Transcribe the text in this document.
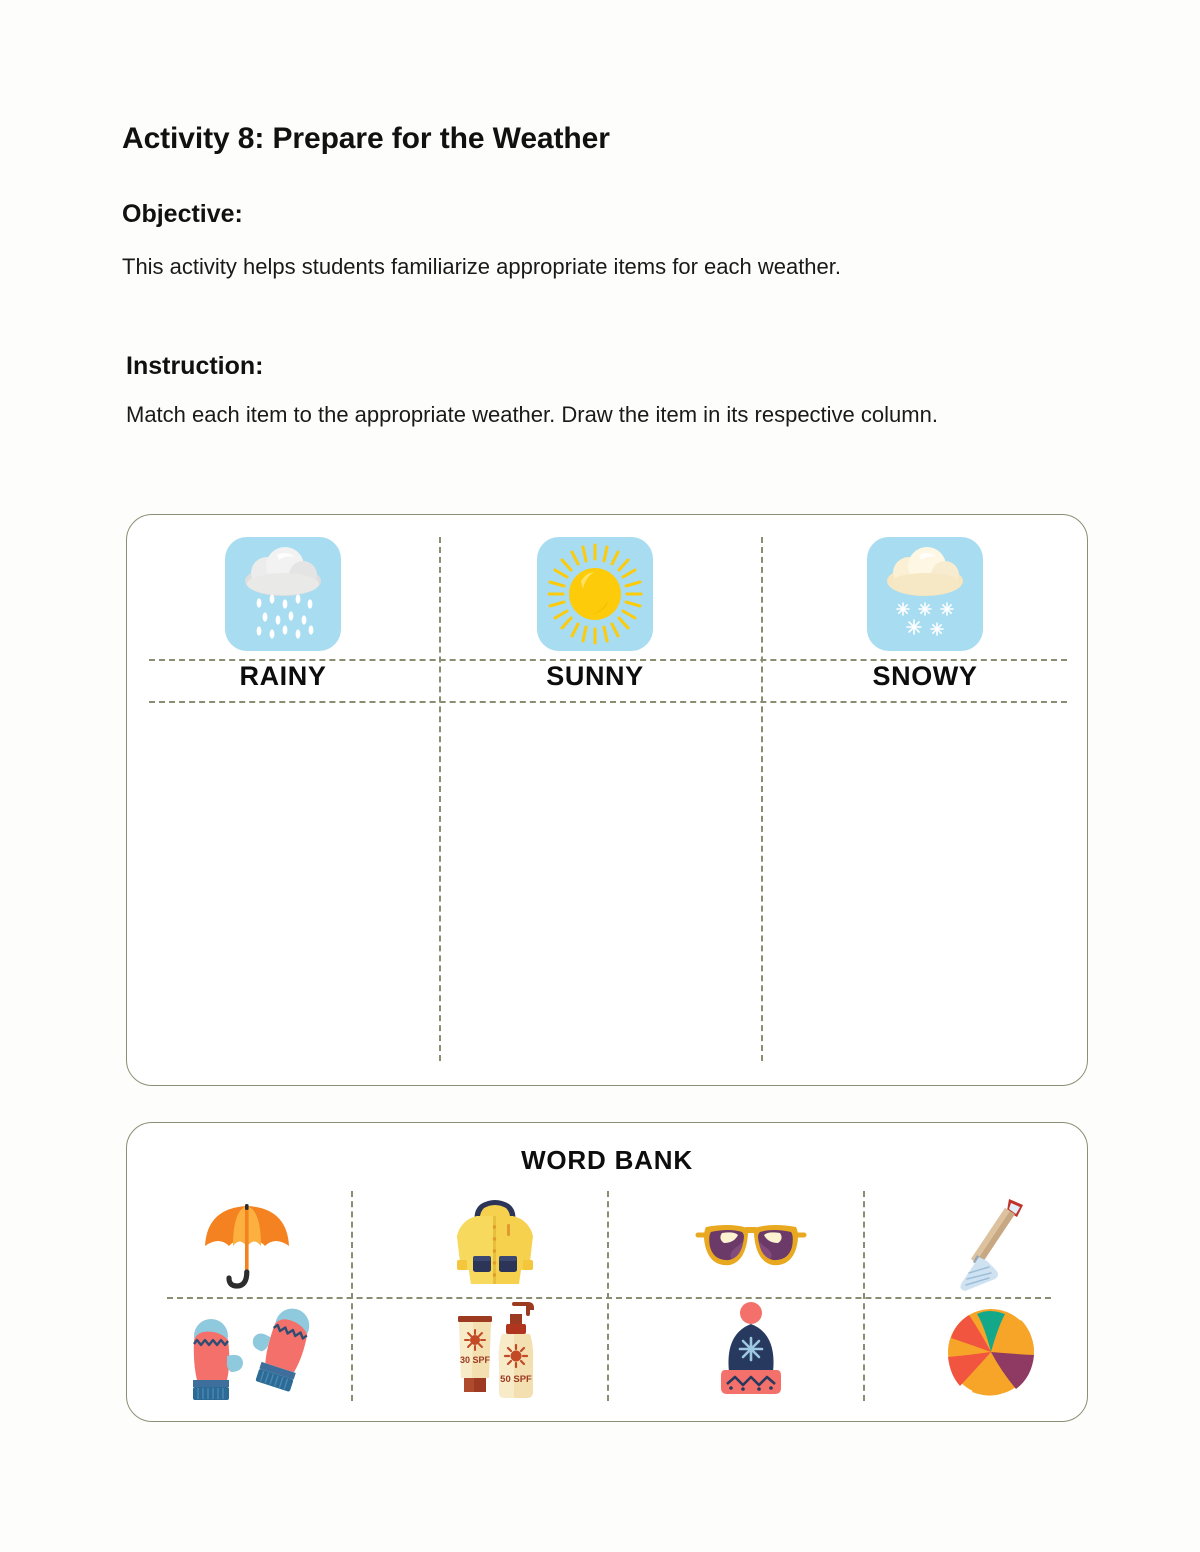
Activity 8: Prepare for the Weather
Objective:

This activity helps students familiarize appropriate items for each weather.

Instruction:

Match each item to the appropriate weather. Draw the item in its respective column.

RAINY	SUNNY	SNOWY
WORD BANK
30 SPF
50 SPF
